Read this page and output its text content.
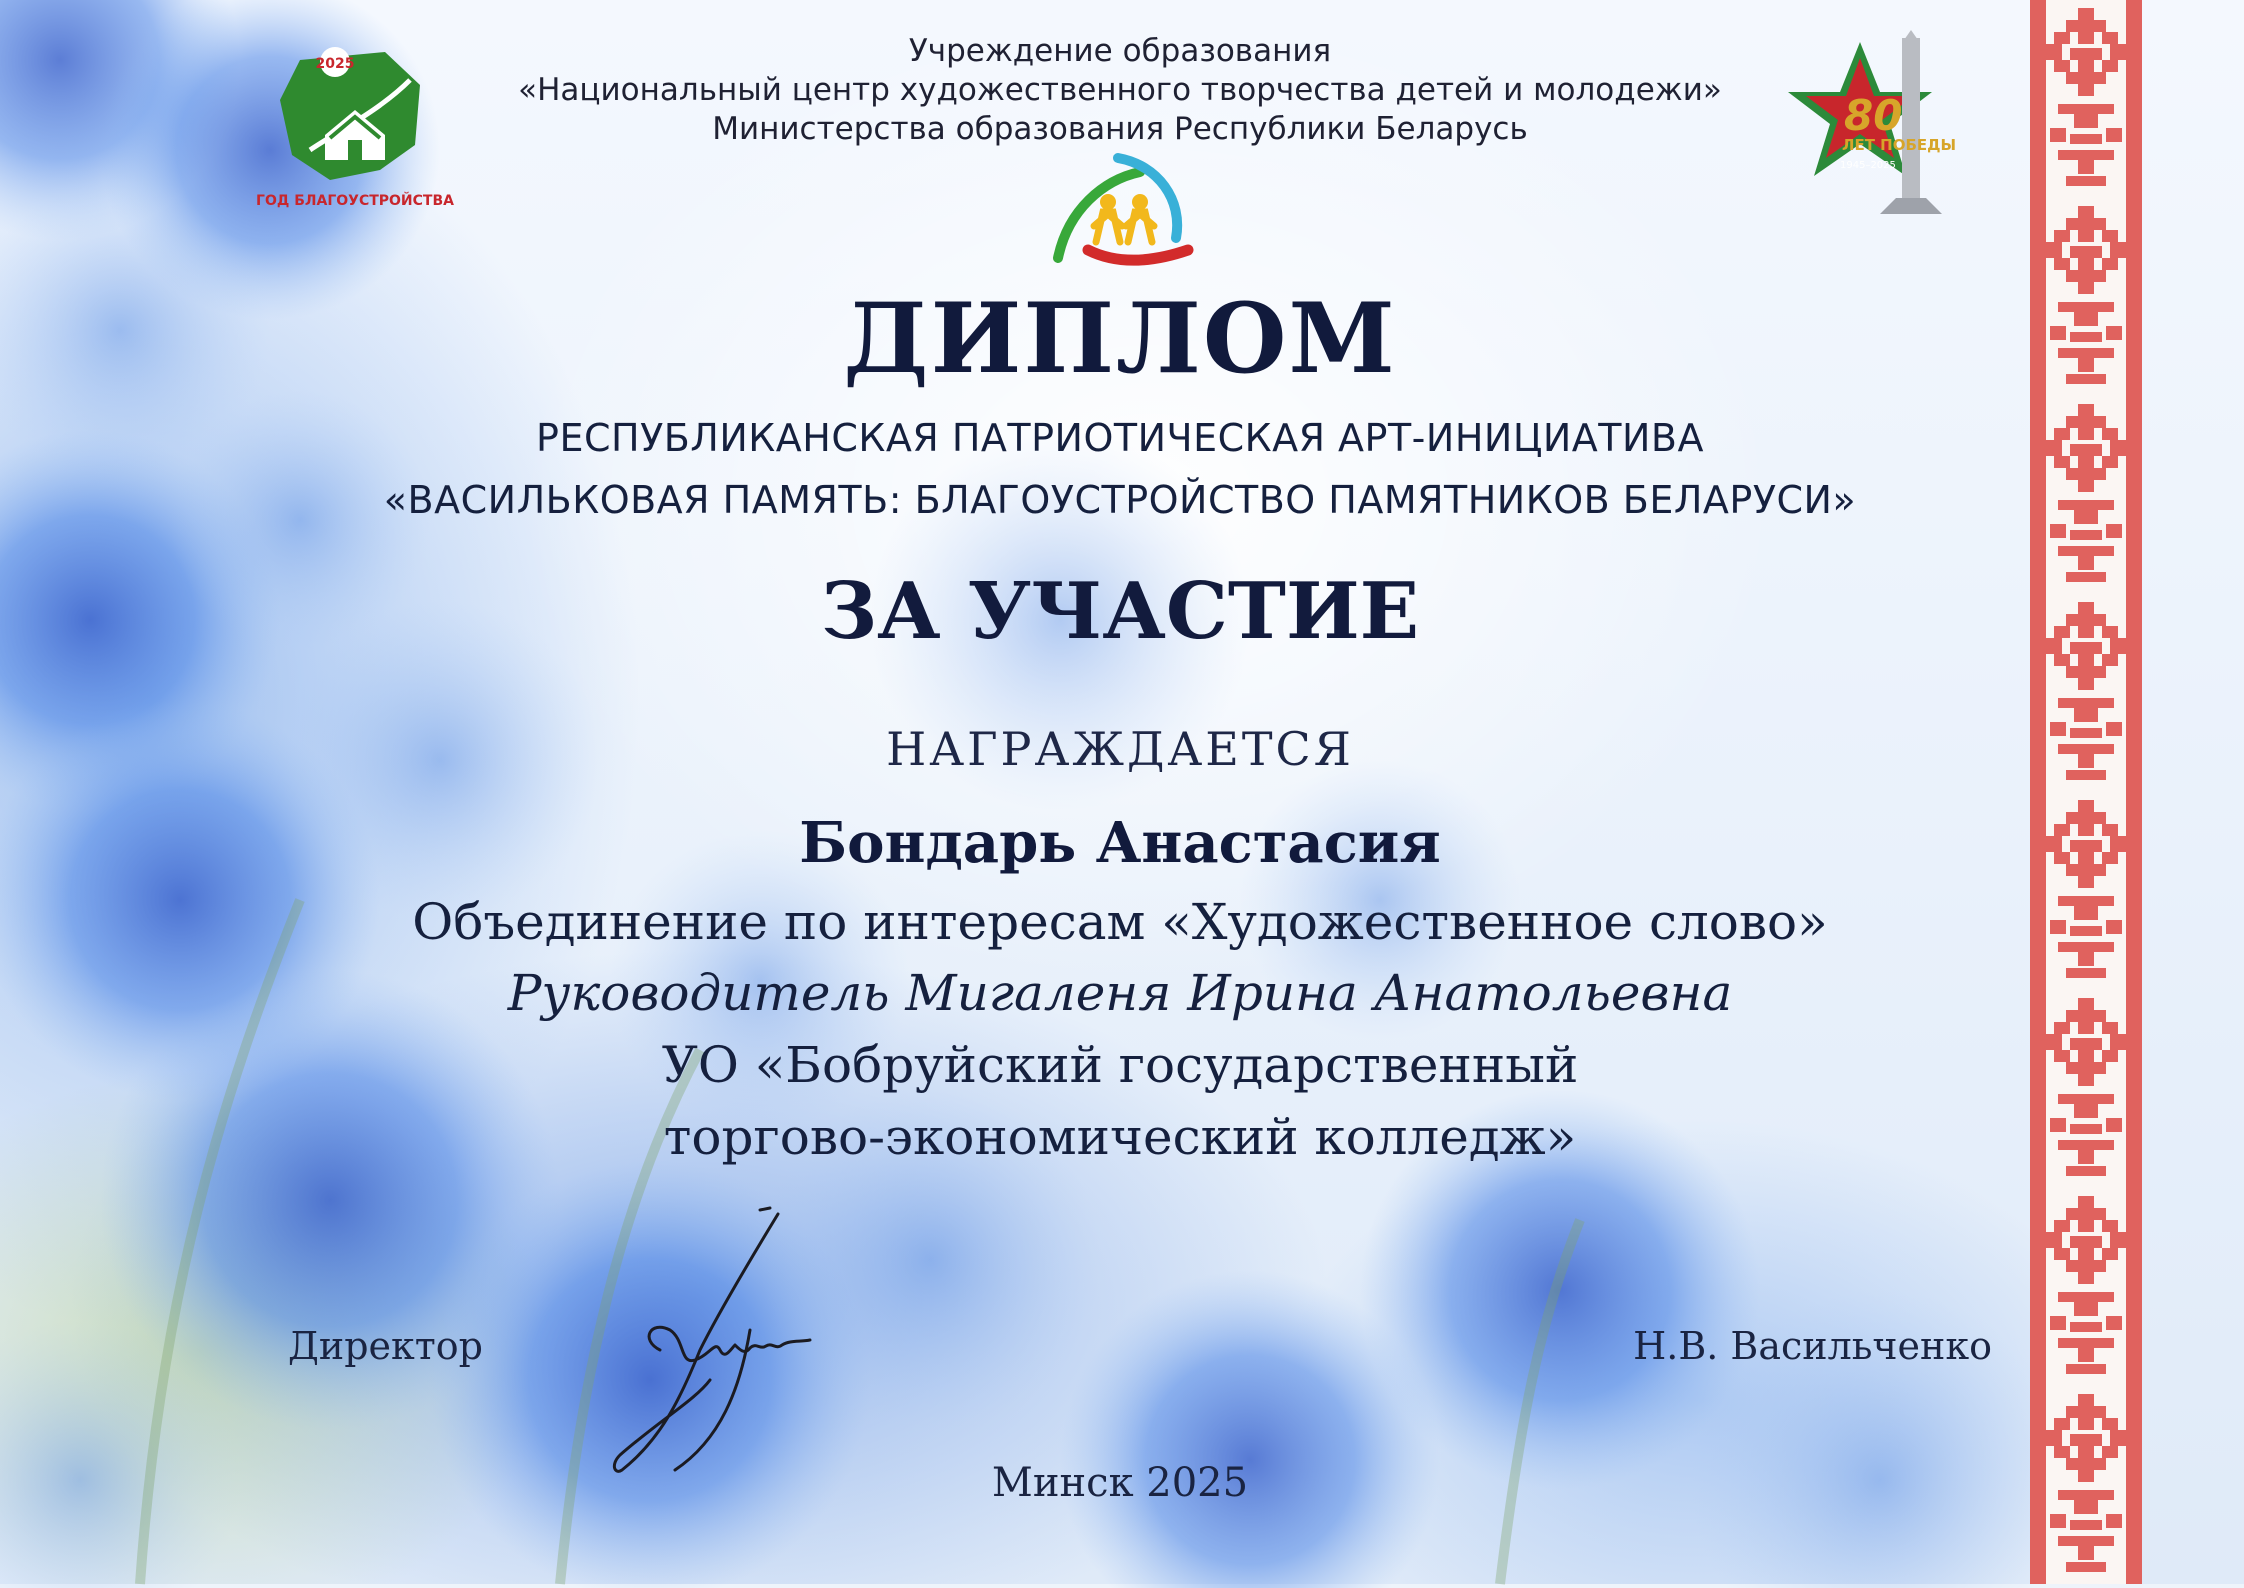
2025
ГОД БЛАГОУСТРОЙСТВА
80
ЛЕТ ПОБЕДЫ
1945–2025

Учреждение образования

«Национальный центр художественного творчества детей и молодежи»

Министерства образования Республики Беларусь

ДИПЛОМ

РЕСПУБЛИКАНСКАЯ ПАТРИОТИЧЕСКАЯ АРТ-ИНИЦИАТИВА

«ВАСИЛЬКОВАЯ ПАМЯТЬ: БЛАГОУСТРОЙСТВО ПАМЯТНИКОВ БЕЛАРУСИ»

ЗА УЧАСТИЕ

НАГРАЖДАЕТСЯ

Бондарь Анастасия

Объединение по интересам «Художественное слово»

Руководитель Мигаленя Ирина Анатольевна

УО «Бобруйский государственный

торгово-экономический колледж»

Директор	Н.В. Васильченко

Минск 2025
